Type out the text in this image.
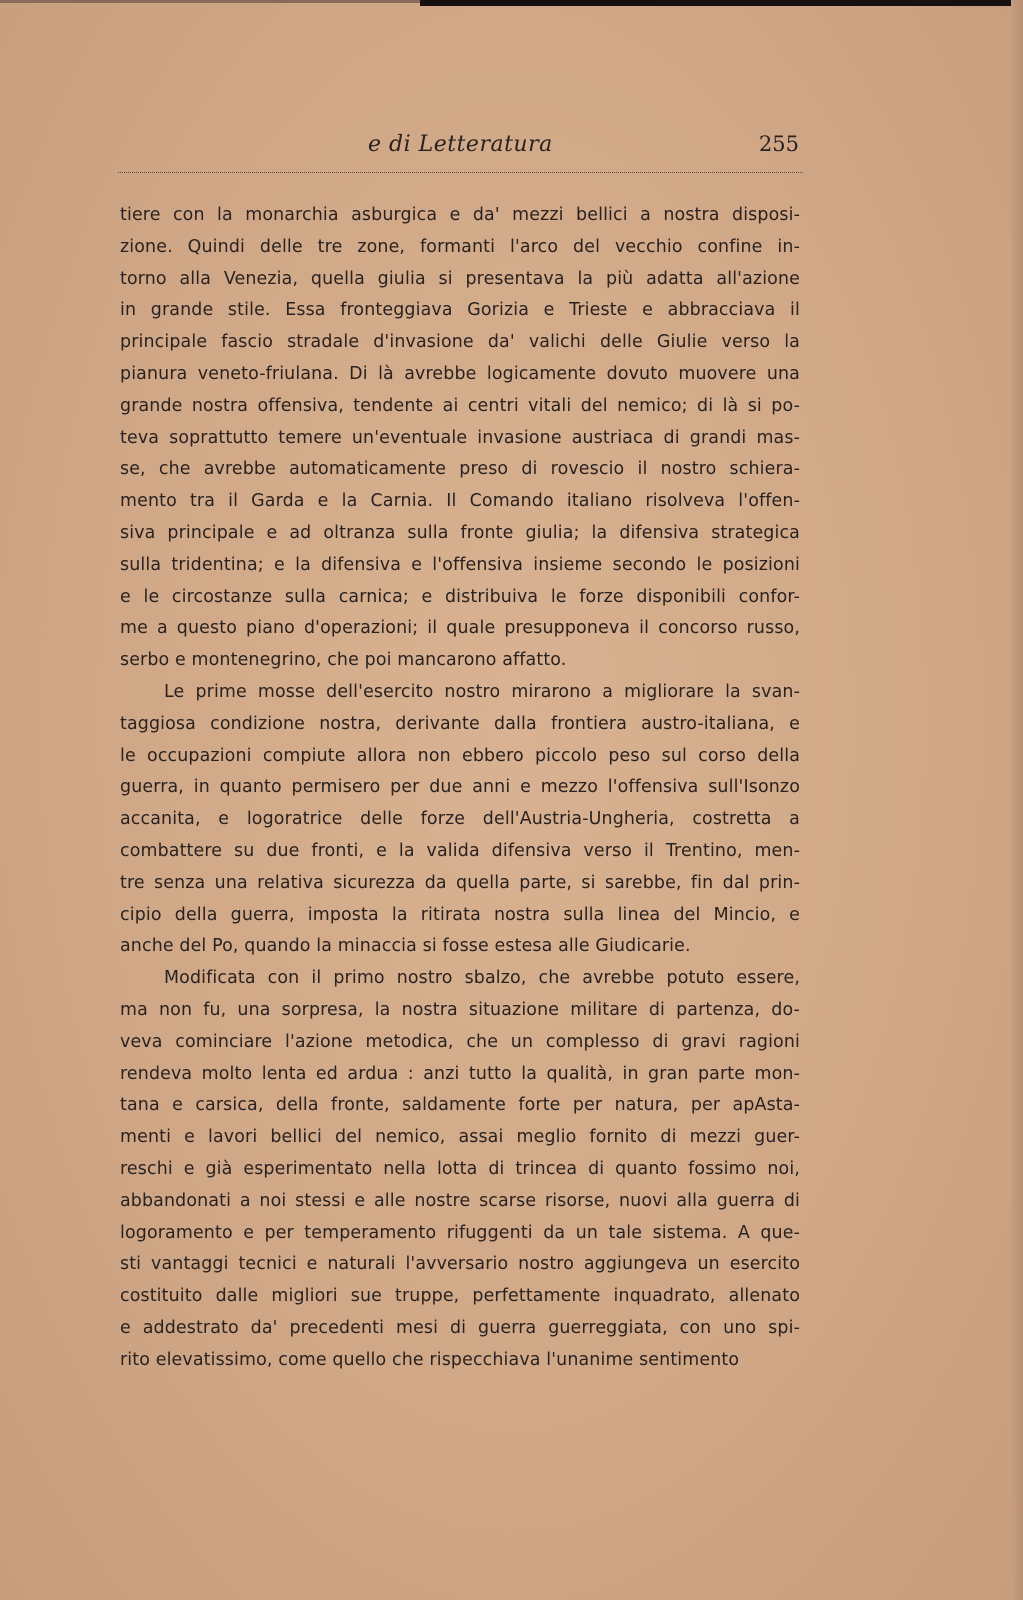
e di Letteratura	255
tiere con la monarchia asburgica e da' mezzi bellici a nostra disposi-
zione. Quindi delle tre zone, formanti l'arco del vecchio confine in-
torno alla Venezia, quella giulia si presentava la più adatta all'azione
in grande stile. Essa fronteggiava Gorizia e Trieste e abbracciava il
principale fascio stradale d'invasione da' valichi delle Giulie verso la
pianura veneto-friulana. Di là avrebbe logicamente dovuto muovere una
grande nostra offensiva, tendente ai centri vitali del nemico; di là si po-
teva soprattutto temere un'eventuale invasione austriaca di grandi mas-
se, che avrebbe automaticamente preso di rovescio il nostro schiera-
mento tra il Garda e la Carnia. Il Comando italiano risolveva l'offen-
siva principale e ad oltranza sulla fronte giulia; la difensiva strategica
sulla tridentina; e la difensiva e l'offensiva insieme secondo le posizioni
e le circostanze sulla carnica; e distribuiva le forze disponibili confor-
me a questo piano d'operazioni; il quale presupponeva il concorso russo,
serbo e montenegrino, che poi mancarono affatto.
Le prime mosse dell'esercito nostro mirarono a migliorare la svan-
taggiosa condizione nostra, derivante dalla frontiera austro-italiana, e
le occupazioni compiute allora non ebbero piccolo peso sul corso della
guerra, in quanto permisero per due anni e mezzo l'offensiva sull'Isonzo
accanita, e logoratrice delle forze dell'Austria-Ungheria, costretta a
combattere su due fronti, e la valida difensiva verso il Trentino, men-
tre senza una relativa sicurezza da quella parte, si sarebbe, fin dal prin-
cipio della guerra, imposta la ritirata nostra sulla linea del Mincio, e
anche del Po, quando la minaccia si fosse estesa alle Giudicarie.
Modificata con il primo nostro sbalzo, che avrebbe potuto essere,
ma non fu, una sorpresa, la nostra situazione militare di partenza, do-
veva cominciare l'azione metodica, che un complesso di gravi ragioni
rendeva molto lenta ed ardua : anzi tutto la qualità, in gran parte mon-
tana e carsica, della fronte, saldamente forte per natura, per apAsta-
menti e lavori bellici del nemico, assai meglio fornito di mezzi guer-
reschi e già esperimentato nella lotta di trincea di quanto fossimo noi,
abbandonati a noi stessi e alle nostre scarse risorse, nuovi alla guerra di
logoramento e per temperamento rifuggenti da un tale sistema. A que-
sti vantaggi tecnici e naturali l'avversario nostro aggiungeva un esercito
costituito dalle migliori sue truppe, perfettamente inquadrato, allenato
e addestrato da' precedenti mesi di guerra guerreggiata, con uno spi-
rito elevatissimo, come quello che rispecchiava l'unanime sentimento
